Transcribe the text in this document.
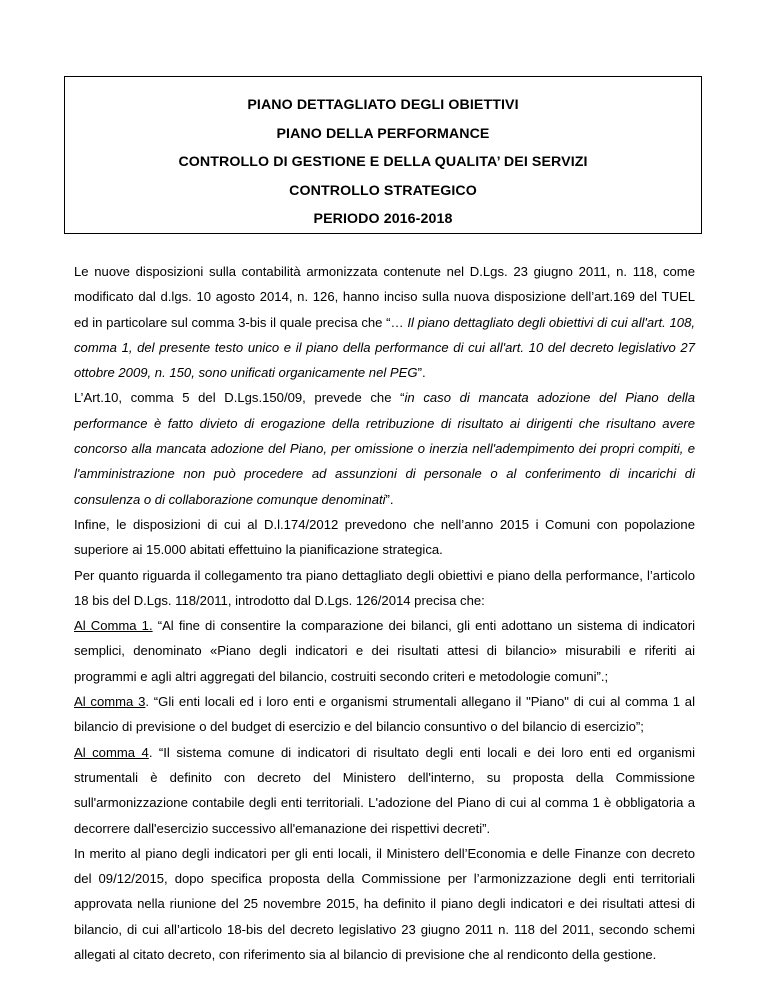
PIANO DETTAGLIATO DEGLI OBIETTIVI
PIANO DELLA PERFORMANCE
CONTROLLO DI GESTIONE E DELLA QUALITA’ DEI SERVIZI
CONTROLLO STRATEGICO
PERIODO 2016-2018

Le nuove disposizioni sulla contabilità armonizzata contenute nel D.Lgs. 23 giugno 2011, n. 118, come modificato dal d.lgs. 10 agosto 2014, n. 126, hanno inciso sulla nuova disposizione dell’art.169 del TUEL ed in particolare sul comma 3-bis il quale precisa che “… Il piano dettagliato degli obiettivi di cui all'art. 108, comma 1, del presente testo unico e il piano della performance di cui all'art. 10 del decreto legislativo 27 ottobre 2009, n. 150, sono unificati organicamente nel PEG”.

L’Art.10, comma 5 del D.Lgs.150/09, prevede che “in caso di mancata adozione del Piano della performance è fatto divieto di erogazione della retribuzione di risultato ai dirigenti che risultano avere concorso alla mancata adozione del Piano, per omissione o inerzia nell'adempimento dei propri compiti, e l'amministrazione non può procedere ad assunzioni di personale o al conferimento di incarichi di consulenza o di collaborazione comunque denominati”.

Infine, le disposizioni di cui al D.l.174/2012 prevedono che nell’anno 2015 i Comuni con popolazione superiore ai 15.000 abitati effettuino la pianificazione strategica.

Per quanto riguarda il collegamento tra piano dettagliato degli obiettivi e piano della performance, l’articolo 18 bis del D.Lgs. 118/2011, introdotto dal D.Lgs. 126/2014 precisa che:

Al Comma 1. “Al fine di consentire la comparazione dei bilanci, gli enti adottano un sistema di indicatori semplici, denominato «Piano degli indicatori e dei risultati attesi di bilancio» misurabili e riferiti ai programmi e agli altri aggregati del bilancio, costruiti secondo criteri e metodologie comuni”.;

Al comma 3. “Gli enti locali ed i loro enti e organismi strumentali allegano il "Piano" di cui al comma 1 al bilancio di previsione o del budget di esercizio e del bilancio consuntivo o del bilancio di esercizio”;

Al comma 4. “Il sistema comune di indicatori di risultato degli enti locali e dei loro enti ed organismi strumentali è definito con decreto del Ministero dell'interno, su proposta della Commissione sull'armonizzazione contabile degli enti territoriali. L'adozione del Piano di cui al comma 1 è obbligatoria a decorrere dall'esercizio successivo all'emanazione dei rispettivi decreti”.

In merito al piano degli indicatori per gli enti locali, il Ministero dell’Economia e delle Finanze con decreto del 09/12/2015, dopo specifica proposta della Commissione per l’armonizzazione degli enti territoriali approvata nella riunione del 25 novembre 2015, ha definito il piano degli indicatori e dei risultati attesi di bilancio, di cui all’articolo 18-bis del decreto legislativo 23 giugno 2011 n. 118 del 2011, secondo schemi allegati al citato decreto, con riferimento sia al bilancio di previsione che al rendiconto della gestione.
